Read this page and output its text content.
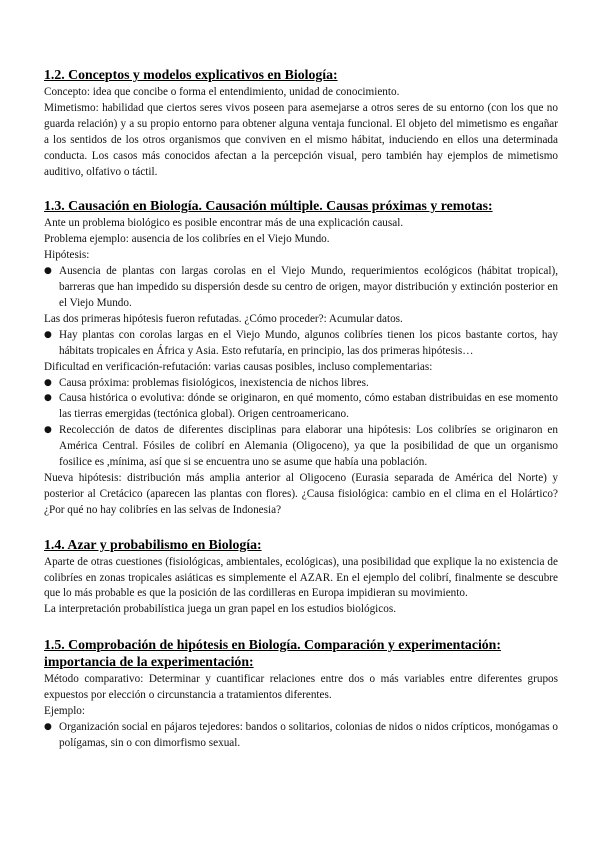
1.2. Conceptos y modelos explicativos en Biología:

Concepto: idea que concibe o forma el entendimiento, unidad de conocimiento.

Mimetismo: habilidad que ciertos seres vivos poseen para asemejarse a otros seres de su entorno (con los que no guarda relación) y a su propio entorno para obtener alguna ventaja funcional. El objeto del mimetismo es engañar a los sentidos de los otros organismos que conviven en el mismo hábitat, induciendo en ellos una determinada conducta. Los casos más conocidos afectan a la percepción visual, pero también hay ejemplos de mimetismo auditivo, olfativo o táctil.

1.3. Causación en Biología. Causación múltiple. Causas próximas y remotas:

Ante un problema biológico es posible encontrar más de una explicación causal.

Problema ejemplo: ausencia de los colibríes en el Viejo Mundo.

Hipótesis:

● Ausencia de plantas con largas corolas en el Viejo Mundo, requerimientos ecológicos (hábitat tropical), barreras que han impedido su dispersión desde su centro de origen, mayor distribución y extinción posterior en el Viejo Mundo.

Las dos primeras hipótesis fueron refutadas. ¿Cómo proceder?: Acumular datos.

● Hay plantas con corolas largas en el Viejo Mundo, algunos colibríes tienen los picos bastante cortos, hay hábitats tropicales en África y Asia. Esto refutaría, en principio, las dos primeras hipótesis…

Dificultad en verificación-refutación: varias causas posibles, incluso complementarias:

● Causa próxima: problemas fisiológicos, inexistencia de nichos libres.
● Causa histórica o evolutiva: dónde se originaron, en qué momento, cómo estaban distribuidas en ese momento las tierras emergidas (tectónica global). Origen centroamericano.
● Recolección de datos de diferentes disciplinas para elaborar una hipótesis: Los colibríes se originaron en América Central. Fósiles de colibrí en Alemania (Oligoceno), ya que la posibilidad de que un organismo fosilice es ,mínima, así que si se encuentra uno se asume que había una población.

Nueva hipótesis: distribución más amplia anterior al Oligoceno (Eurasia separada de América del Norte) y posterior al Cretácico (aparecen las plantas con flores). ¿Causa fisiológica: cambio en el clima en el Holártico? ¿Por qué no hay colibríes en las selvas de Indonesia?

1.4. Azar y probabilismo en Biología:

Aparte de otras cuestiones (fisiológicas, ambientales, ecológicas), una posibilidad que explique la no existencia de colibríes en zonas tropicales asiáticas es simplemente el AZAR. En el ejemplo del colibrí, finalmente se descubre que lo más probable es que la posición de las cordilleras en Europa impidieran su movimiento.

La interpretación probabilística juega un gran papel en los estudios biológicos.

1.5. Comprobación de hipótesis en Biología. Comparación y experimentación: importancia de la experimentación:

Método comparativo: Determinar y cuantificar relaciones entre dos o más variables entre diferentes grupos expuestos por elección o circunstancia a tratamientos diferentes.

Ejemplo:

● Organización social en pájaros tejedores: bandos o solitarios, colonias de nidos o nidos crípticos, monógamas o polígamas, sin o con dimorfismo sexual.
